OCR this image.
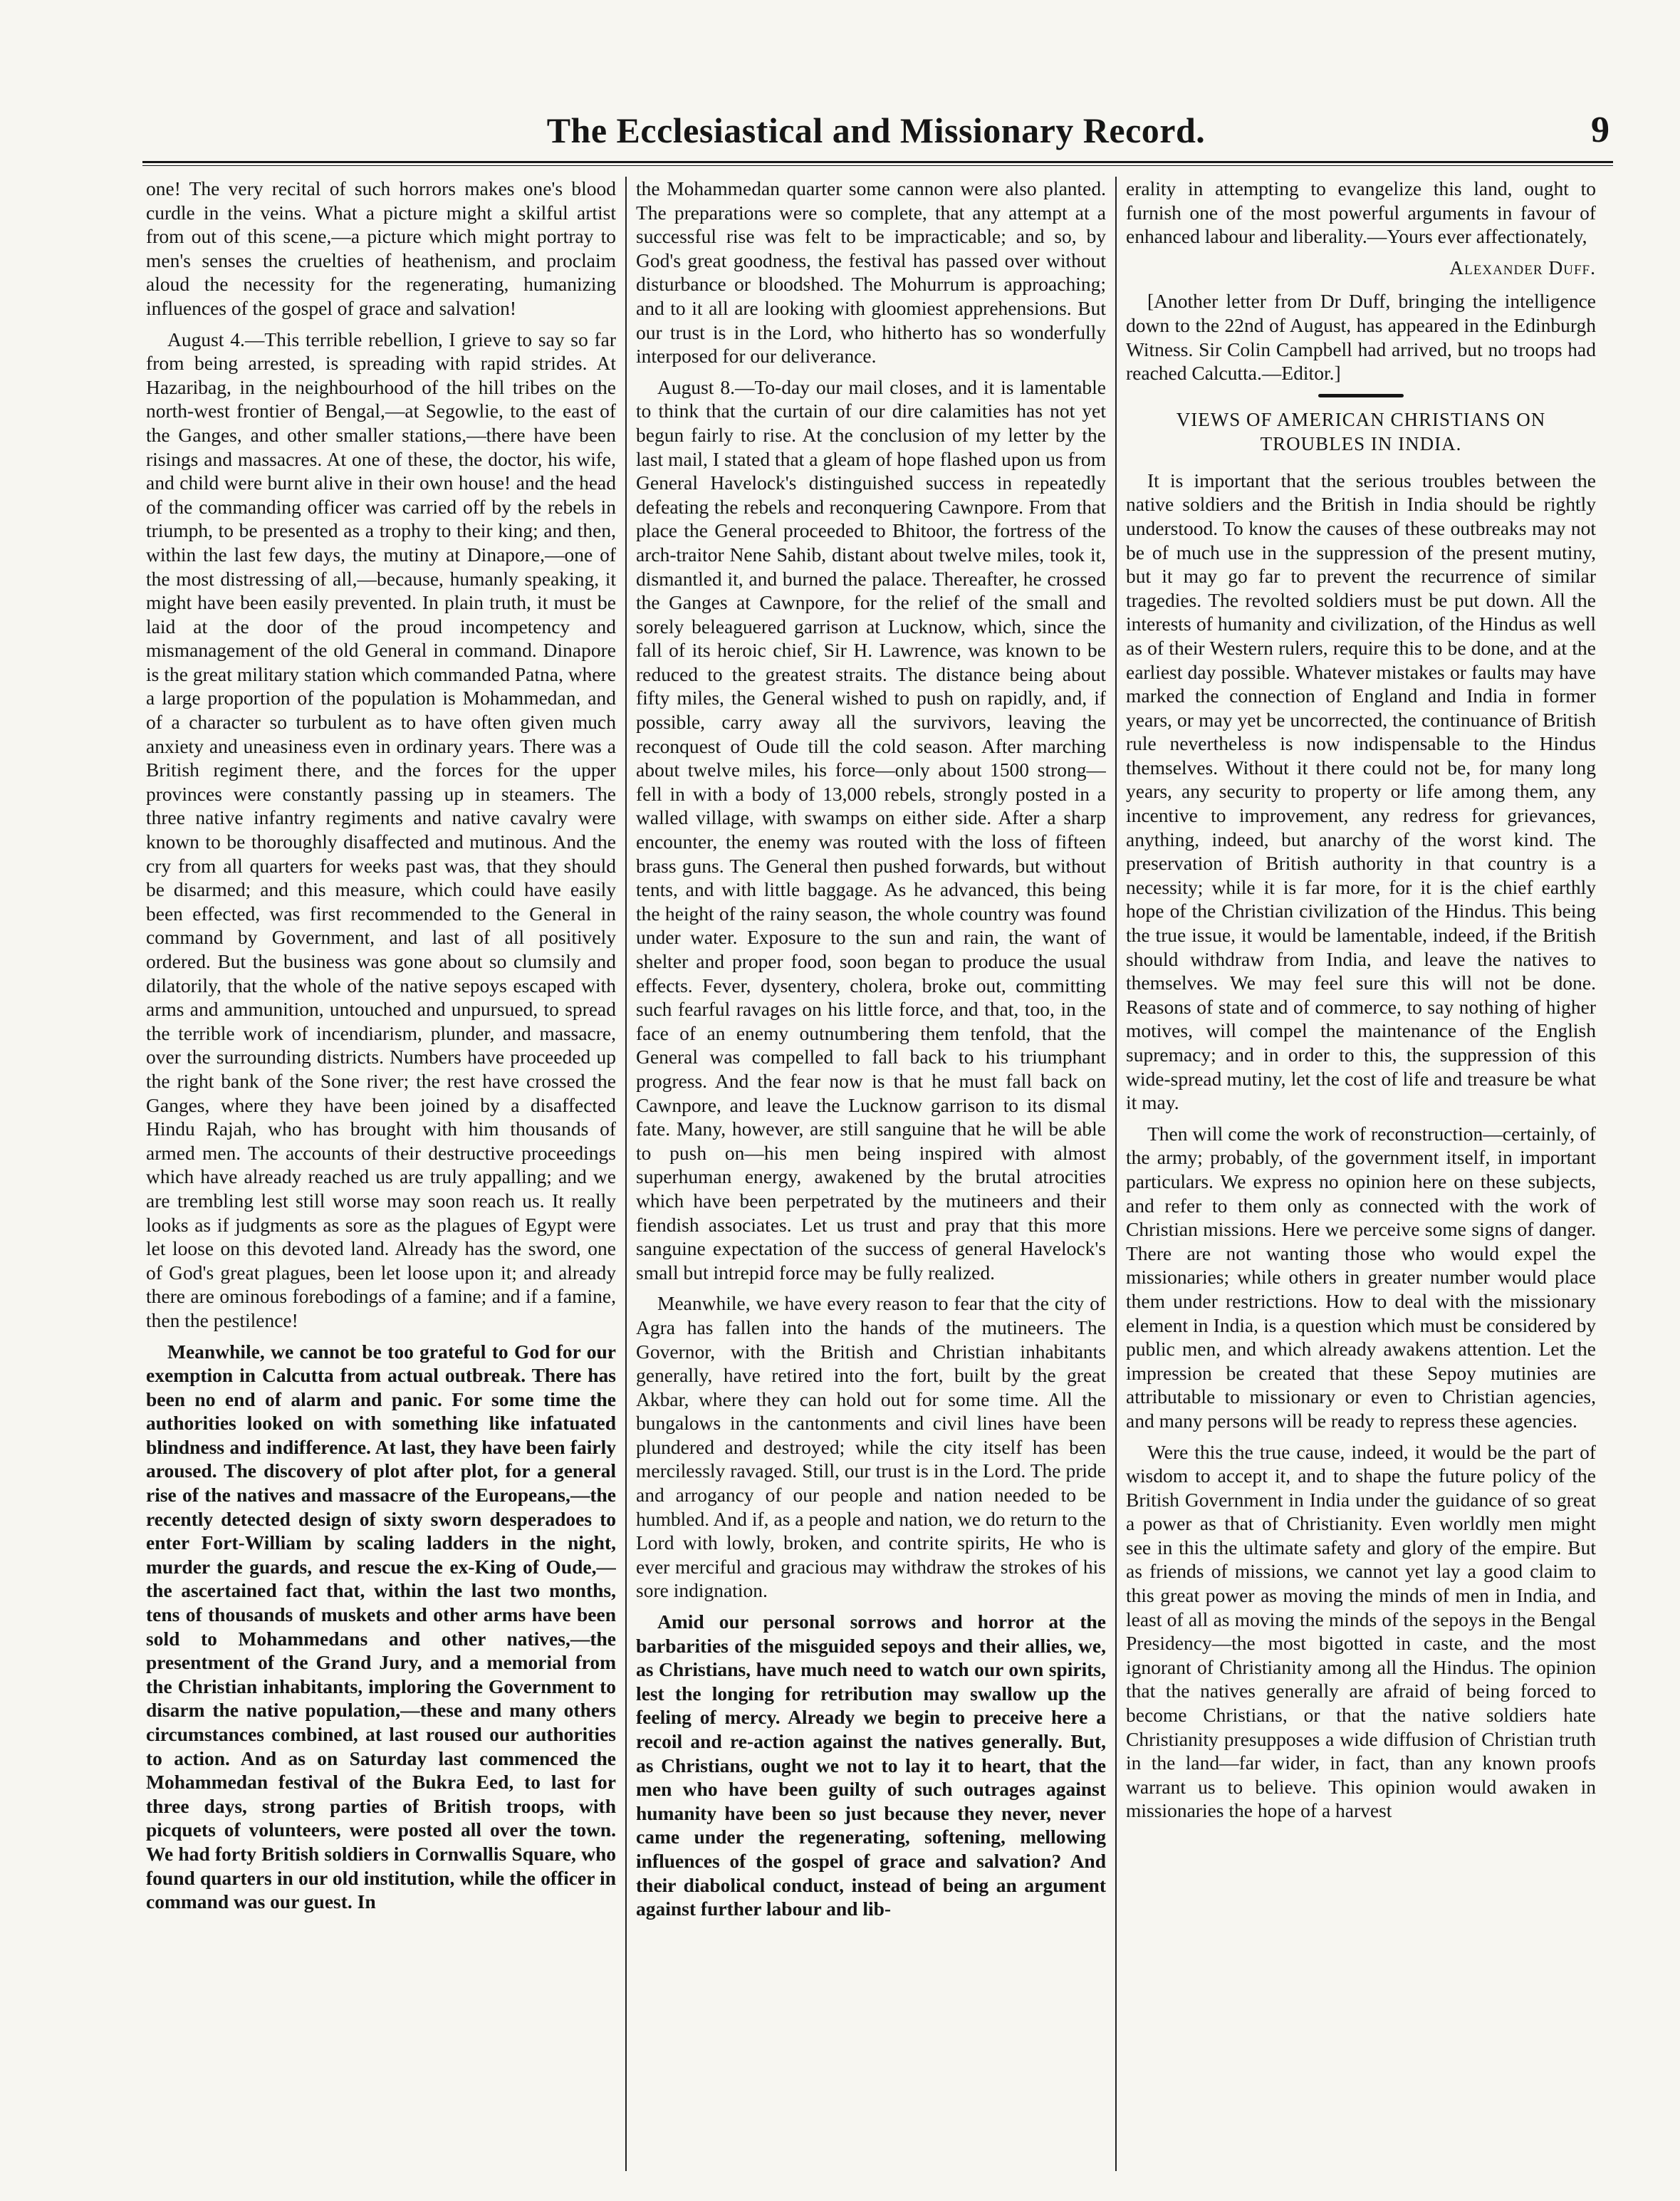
The Ecclesiastical and Missionary Record.	9

one! The very recital of such horrors makes one's blood curdle in the veins. What a picture might a skilful artist from out of this scene,—a picture which might portray to men's senses the cruelties of heathenism, and proclaim aloud the necessity for the regenerating, humanizing influences of the gospel of grace and salvation!

August 4.—This terrible rebellion, I grieve to say so far from being arrested, is spreading with rapid strides. At Hazaribag, in the neighbourhood of the hill tribes on the north-west frontier of Bengal,—at Segowlie, to the east of the Ganges, and other smaller stations,—there have been risings and massacres. At one of these, the doctor, his wife, and child were burnt alive in their own house! and the head of the commanding officer was carried off by the rebels in triumph, to be presented as a trophy to their king; and then, within the last few days, the mutiny at Dinapore,—one of the most distressing of all,—because, humanly speaking, it might have been easily prevented. In plain truth, it must be laid at the door of the proud incompetency and mismanagement of the old General in command. Dinapore is the great military station which commanded Patna, where a large proportion of the population is Mohammedan, and of a character so turbulent as to have often given much anxiety and uneasiness even in ordinary years. There was a British regiment there, and the forces for the upper provinces were constantly passing up in steamers. The three native infantry regiments and native cavalry were known to be thoroughly disaffected and mutinous. And the cry from all quarters for weeks past was, that they should be disarmed; and this measure, which could have easily been effected, was first recommended to the General in command by Government, and last of all positively ordered. But the business was gone about so clumsily and dilatorily, that the whole of the native sepoys escaped with arms and ammunition, untouched and unpursued, to spread the terrible work of incendiarism, plunder, and massacre, over the surrounding districts. Numbers have proceeded up the right bank of the Sone river; the rest have crossed the Ganges, where they have been joined by a disaffected Hindu Rajah, who has brought with him thousands of armed men. The accounts of their destructive proceedings which have already reached us are truly appalling; and we are trembling lest still worse may soon reach us. It really looks as if judgments as sore as the plagues of Egypt were let loose on this devoted land. Already has the sword, one of God's great plagues, been let loose upon it; and already there are ominous forebodings of a famine; and if a famine, then the pestilence!

Meanwhile, we cannot be too grateful to God for our exemption in Calcutta from actual outbreak. There has been no end of alarm and panic. For some time the authorities looked on with something like infatuated blindness and indifference. At last, they have been fairly aroused. The discovery of plot after plot, for a general rise of the natives and massacre of the Europeans,—the recently detected design of sixty sworn desperadoes to enter Fort-William by scaling ladders in the night, murder the guards, and rescue the ex-King of Oude,—the ascertained fact that, within the last two months, tens of thousands of muskets and other arms have been sold to Mohammedans and other natives,—the presentment of the Grand Jury, and a memorial from the Christian inhabitants, imploring the Government to disarm the native population,—these and many others circumstances combined, at last roused our authorities to action. And as on Saturday last commenced the Mohammedan festival of the Bukra Eed, to last for three days, strong parties of British troops, with picquets of volunteers, were posted all over the town. We had forty British soldiers in Cornwallis Square, who found quarters in our old institution, while the officer in command was our guest. In

the Mohammedan quarter some cannon were also planted. The preparations were so complete, that any attempt at a successful rise was felt to be impracticable; and so, by God's great goodness, the festival has passed over without disturbance or bloodshed. The Mohurrum is approaching; and to it all are looking with gloomiest apprehensions. But our trust is in the Lord, who hitherto has so wonderfully interposed for our deliverance.

August 8.—To-day our mail closes, and it is lamentable to think that the curtain of our dire calamities has not yet begun fairly to rise. At the conclusion of my letter by the last mail, I stated that a gleam of hope flashed upon us from General Havelock's distinguished success in repeatedly defeating the rebels and reconquering Cawnpore. From that place the General proceeded to Bhitoor, the fortress of the arch-traitor Nene Sahib, distant about twelve miles, took it, dismantled it, and burned the palace. Thereafter, he crossed the Ganges at Cawnpore, for the relief of the small and sorely beleaguered garrison at Lucknow, which, since the fall of its heroic chief, Sir H. Lawrence, was known to be reduced to the greatest straits. The distance being about fifty miles, the General wished to push on rapidly, and, if possible, carry away all the survivors, leaving the reconquest of Oude till the cold season. After marching about twelve miles, his force—only about 1500 strong—fell in with a body of 13,000 rebels, strongly posted in a walled village, with swamps on either side. After a sharp encounter, the enemy was routed with the loss of fifteen brass guns. The General then pushed forwards, but without tents, and with little baggage. As he advanced, this being the height of the rainy season, the whole country was found under water. Exposure to the sun and rain, the want of shelter and proper food, soon began to produce the usual effects. Fever, dysentery, cholera, broke out, committing such fearful ravages on his little force, and that, too, in the face of an enemy outnumbering them tenfold, that the General was compelled to fall back to his triumphant progress. And the fear now is that he must fall back on Cawnpore, and leave the Lucknow garrison to its dismal fate. Many, however, are still sanguine that he will be able to push on—his men being inspired with almost superhuman energy, awakened by the brutal atrocities which have been perpetrated by the mutineers and their fiendish associates. Let us trust and pray that this more sanguine expectation of the success of general Havelock's small but intrepid force may be fully realized.

Meanwhile, we have every reason to fear that the city of Agra has fallen into the hands of the mutineers. The Governor, with the British and Christian inhabitants generally, have retired into the fort, built by the great Akbar, where they can hold out for some time. All the bungalows in the cantonments and civil lines have been plundered and destroyed; while the city itself has been mercilessly ravaged. Still, our trust is in the Lord. The pride and arrogancy of our people and nation needed to be humbled. And if, as a people and nation, we do return to the Lord with lowly, broken, and contrite spirits, He who is ever merciful and gracious may withdraw the strokes of his sore indignation.

Amid our personal sorrows and horror at the barbarities of the misguided sepoys and their allies, we, as Christians, have much need to watch our own spirits, lest the longing for retribution may swallow up the feeling of mercy. Already we begin to preceive here a recoil and re-action against the natives generally. But, as Christians, ought we not to lay it to heart, that the men who have been guilty of such outrages against humanity have been so just because they never, never came under the regenerating, softening, mellowing influences of the gospel of grace and salvation? And their diabolical conduct, instead of being an argument against further labour and lib-

erality in attempting to evangelize this land, ought to furnish one of the most powerful arguments in favour of enhanced labour and liberality.—Yours ever affectionately,

Alexander Duff.

[Another letter from Dr Duff, bringing the intelligence down to the 22nd of August, has appeared in the Edinburgh Witness. Sir Colin Campbell had arrived, but no troops had reached Calcutta.—Editor.]

VIEWS OF AMERICAN CHRISTIANS ON TROUBLES IN INDIA.

It is important that the serious troubles between the native soldiers and the British in India should be rightly understood. To know the causes of these outbreaks may not be of much use in the suppression of the present mutiny, but it may go far to prevent the recurrence of similar tragedies. The revolted soldiers must be put down. All the interests of humanity and civilization, of the Hindus as well as of their Western rulers, require this to be done, and at the earliest day possible. Whatever mistakes or faults may have marked the connection of England and India in former years, or may yet be uncorrected, the continuance of British rule nevertheless is now indispensable to the Hindus themselves. Without it there could not be, for many long years, any security to property or life among them, any incentive to improvement, any redress for grievances, anything, indeed, but anarchy of the worst kind. The preservation of British authority in that country is a necessity; while it is far more, for it is the chief earthly hope of the Christian civilization of the Hindus. This being the true issue, it would be lamentable, indeed, if the British should withdraw from India, and leave the natives to themselves. We may feel sure this will not be done. Reasons of state and of commerce, to say nothing of higher motives, will compel the maintenance of the English supremacy; and in order to this, the suppression of this wide-spread mutiny, let the cost of life and treasure be what it may.

Then will come the work of reconstruction—certainly, of the army; probably, of the government itself, in important particulars. We express no opinion here on these subjects, and refer to them only as connected with the work of Christian missions. Here we perceive some signs of danger. There are not wanting those who would expel the missionaries; while others in greater number would place them under restrictions. How to deal with the missionary element in India, is a question which must be considered by public men, and which already awakens attention. Let the impression be created that these Sepoy mutinies are attributable to missionary or even to Christian agencies, and many persons will be ready to repress these agencies.

Were this the true cause, indeed, it would be the part of wisdom to accept it, and to shape the future policy of the British Government in India under the guidance of so great a power as that of Christianity. Even worldly men might see in this the ultimate safety and glory of the empire. But as friends of missions, we cannot yet lay a good claim to this great power as moving the minds of men in India, and least of all as moving the minds of the sepoys in the Bengal Presidency—the most bigotted in caste, and the most ignorant of Christianity among all the Hindus. The opinion that the natives generally are afraid of being forced to become Christians, or that the native soldiers hate Christianity presupposes a wide diffusion of Christian truth in the land—far wider, in fact, than any known proofs warrant us to believe. This opinion would awaken in missionaries the hope of a harvest
